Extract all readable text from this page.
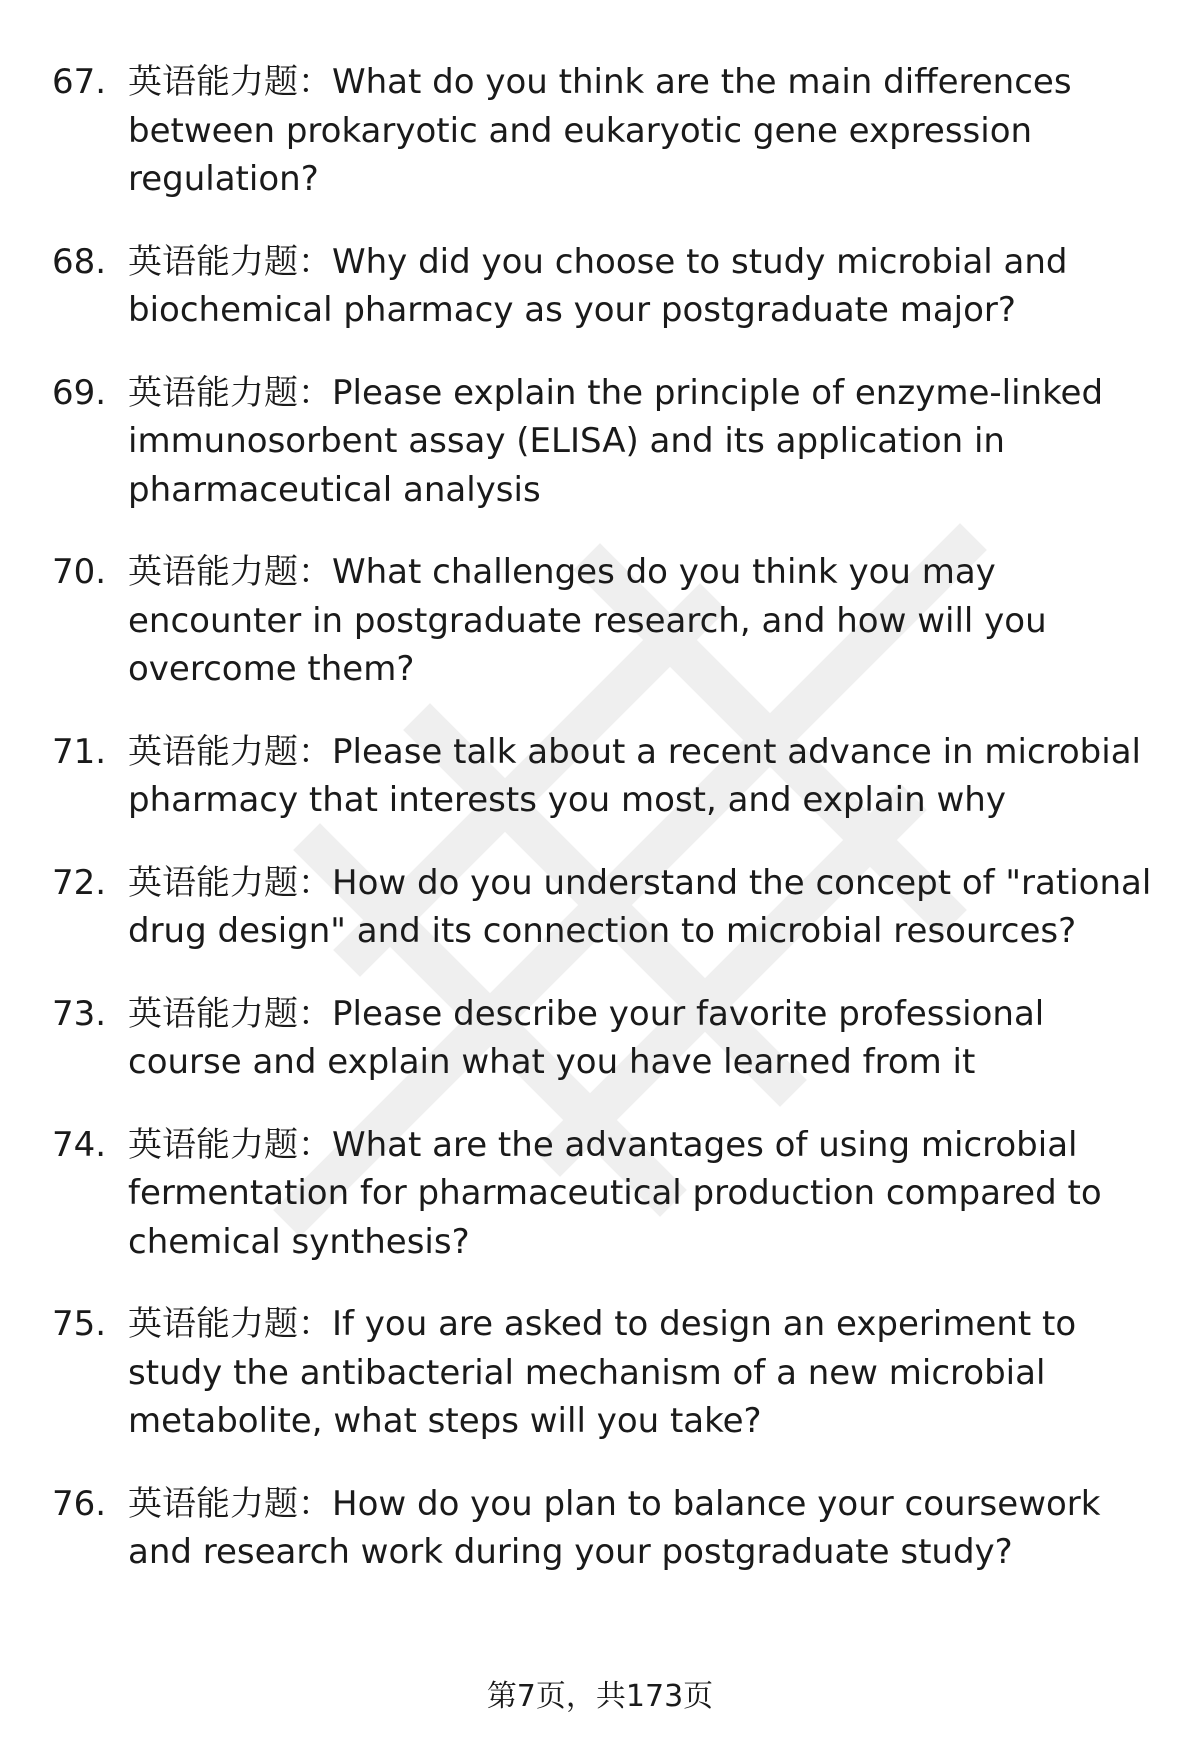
67. 英语能力题：What do you think are the main differences between prokaryotic and eukaryotic gene expression regulation?
68. 英语能力题：Why did you choose to study microbial and biochemical pharmacy as your postgraduate major?
69. 英语能力题：Please explain the principle of enzyme-linked immunosorbent assay (ELISA) and its application in pharmaceutical analysis
70. 英语能力题：What challenges do you think you may encounter in postgraduate research, and how will you overcome them?
71. 英语能力题：Please talk about a recent advance in microbial pharmacy that interests you most, and explain why
72. 英语能力题：How do you understand the concept of "rational drug design" and its connection to microbial resources?
73. 英语能力题：Please describe your favorite professional course and explain what you have learned from it
74. 英语能力题：What are the advantages of using microbial fermentation for pharmaceutical production compared to chemical synthesis?
75. 英语能力题：If you are asked to design an experiment to study the antibacterial mechanism of a new microbial metabolite, what steps will you take?
76. 英语能力题：How do you plan to balance your coursework and research work during your postgraduate study?
第7页，共173页
